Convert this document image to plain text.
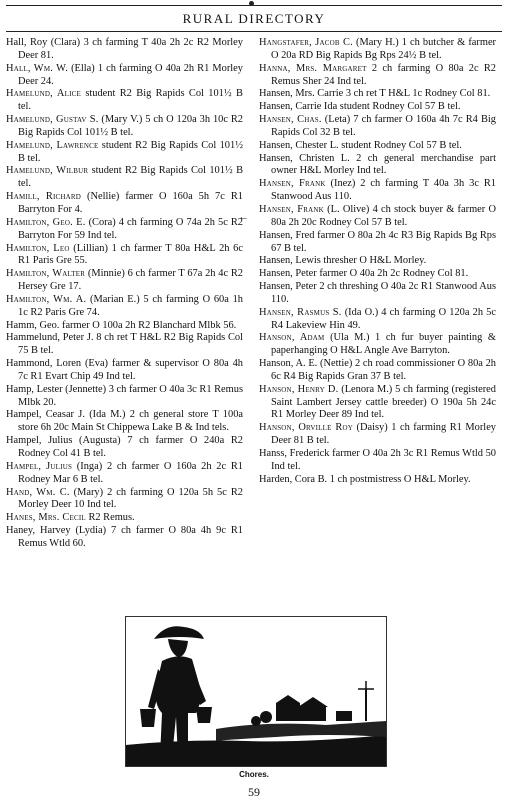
RURAL DIRECTORY

Hall, Roy (Clara) 3 ch farming T 40a 2h 2c R2 Morley Deer 81.

Hall, Wm. W. (Ella) 1 ch farming O 40a 2h R1 Morley Deer 24.

Hamelund, Alice student R2 Big Rapids Col 101½ B tel.

Hamelund, Gustav S. (Mary V.) 5 ch O 120a 3h 10c R2 Big Rapids Col 101½ B tel.

Hamelund, Lawrence student R2 Big Rapids Col 101½ B tel.

Hamelund, Wilbur student R2 Big Rapids Col 101½ B tel.

Hamill, Richard (Nellie) farmer O 160a 5h 7c R1 Barryton For 4.

Hamilton, Geo. E. (Cora) 4 ch farming O 74a 2h 5c R2 Barryton For 59 Ind tel.

Hamilton, Leo (Lillian) 1 ch farmer T 80a H&L 2h 6c R1 Paris Gre 55.

Hamilton, Walter (Minnie) 6 ch farmer T 67a 2h 4c R2 Hersey Gre 17.

Hamilton, Wm. A. (Marian E.) 5 ch farming O 60a 1h 1c R2 Paris Gre 74.

Hamm, Geo. farmer O 100a 2h R2 Blanchard Mlbk 56.

Hammelund, Peter J. 8 ch ret T H&L R2 Big Rapids Col 75 B tel.

Hammond, Loren (Eva) farmer & supervisor O 80a 4h 7c R1 Evart Chip 49 Ind tel.

Hamp, Lester (Jennette) 3 ch farmer O 40a 3c R1 Remus Mlbk 20.

Hampel, Ceasar J. (Ida M.) 2 ch general store T 100a store 6h 20c Main St Chippewa Lake B & Ind tels.

Hampel, Julius (Augusta) 7 ch farmer O 240a R2 Rodney Col 41 B tel.

Hampel, Julius (Inga) 2 ch farmer O 160a 2h 2c R1 Rodney Mar 6 B tel.

Hand, Wm. C. (Mary) 2 ch farming O 120a 5h 5c R2 Morley Deer 10 Ind tel.

Hanes, Mrs. Cecil R2 Remus.

Haney, Harvey (Lydia) 7 ch farmer O 80a 4h 9c R1 Remus Wtld 60.

Hangstafer, Jacob C. (Mary H.) 1 ch butcher & farmer O 20a RD Big Rapids Bg Rps 24½ B tel.

Hanna, Mrs. Margaret 2 ch farming O 80a 2c R2 Remus Sher 24 Ind tel.

Hansen, Mrs. Carrie 3 ch ret T H&L 1c Rodney Col 81.

Hansen, Carrie Ida student Rodney Col 57 B tel.

Hansen, Chas. (Leta) 7 ch farmer O 160a 4h 7c R4 Big Rapids Col 32 B tel.

Hansen, Chester L. student Rodney Col 57 B tel.

Hansen, Christen L. 2 ch general merchandise part owner H&L Morley Ind tel.

Hansen, Frank (Inez) 2 ch farming T 40a 3h 3c R1 Stanwood Aus 110.

Hansen, Frank (L. Olive) 4 ch stock buyer & farmer O 80a 2h 20c Rodney Col 57 B tel.

Hansen, Fred farmer O 80a 2h 4c R3 Big Rapids Bg Rps 67 B tel.

Hansen, Lewis thresher O H&L Morley.

Hansen, Peter farmer O 40a 2h 2c Rodney Col 81.

Hansen, Peter 2 ch threshing O 40a 2c R1 Stanwood Aus 110.

Hansen, Rasmus S. (Ida O.) 4 ch farming O 120a 2h 5c R4 Lakeview Hin 49.

Hanson, Adam (Ula M.) 1 ch fur buyer painting & paperhanging O H&L Angle Ave Barryton.

Hanson, A. E. (Nettie) 2 ch road commissioner O 80a 2h 6c R4 Big Rapids Gran 37 B tel.

Hanson, Henry D. (Lenora M.) 5 ch farming (registered Saint Lambert Jersey cattle breeder) O 190a 5h 24c R1 Morley Deer 89 Ind tel.

Hanson, Orville Roy (Daisy) 1 ch farming R1 Morley Deer 81 B tel.

Hanss, Frederick farmer O 40a 2h 3c R1 Remus Wtld 50 Ind tel.

Harden, Cora B. 1 ch postmistress O H&L Morley.

←
Chores.
59
